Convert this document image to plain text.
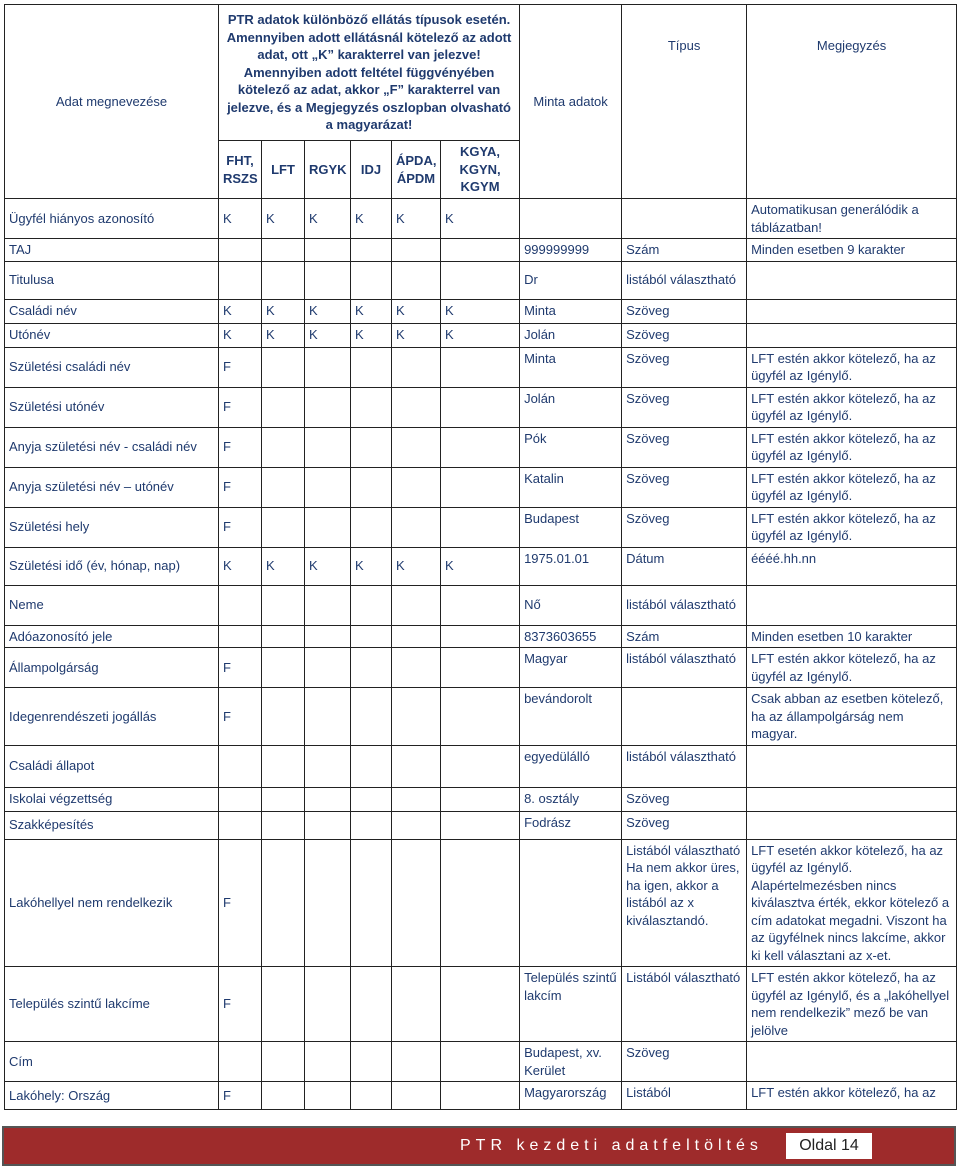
Adat megnevezése	PTR adatok különböző ellátás típusok esetén. Amennyiben adott ellátásnál kötelező az adott adat, ott „K” karakterrel van jelezve! Amennyiben adott feltétel függvényében kötelező az adat, akkor „F” karakterrel van jelezve, és a Megjegyzés oszlopban olvasható a magyarázat!						Minta adatok	Típus	Megjegyzés
	FHT, RSZS	LFT	RGYK	IDJ	ÁPDA, ÁPDM	KGYA, KGYN, KGYM			
Ügyfél hiányos azonosító	K	K	K	K	K	K			Automatikusan generálódik a táblázatban!
TAJ							999999999	Szám	Minden esetben 9 karakter
Titulusa							Dr	listából választható	
Családi név	K	K	K	K	K	K	Minta	Szöveg	
Utónév	K	K	K	K	K	K	Jolán	Szöveg	
Születési családi név	F						Minta	Szöveg	LFT estén akkor kötelező, ha az ügyfél az Igénylő.
Születési utónév	F						Jolán	Szöveg	LFT estén akkor kötelező, ha az ügyfél az Igénylő.
Anyja születési név - családi név	F						Pók	Szöveg	LFT estén akkor kötelező, ha az ügyfél az Igénylő.
Anyja születési név – utónév	F						Katalin	Szöveg	LFT estén akkor kötelező, ha az ügyfél az Igénylő.
Születési hely	F						Budapest	Szöveg	LFT estén akkor kötelező, ha az ügyfél az Igénylő.
Születési idő (év, hónap, nap)	K	K	K	K	K	K	1975.01.01	Dátum	éééé.hh.nn
Neme							Nő	listából választható	
Adóazonosító jele							8373603655	Szám	Minden esetben 10 karakter
Állampolgárság	F						Magyar	listából választható	LFT estén akkor kötelező, ha az ügyfél az Igénylő.
Idegenrendészeti jogállás	F						bevándorolt		Csak abban az esetben kötelező, ha az állampolgárság nem magyar.
Családi állapot							egyedülálló	listából választható	
Iskolai végzettség							8. osztály	Szöveg	
Szakképesítés							Fodrász	Szöveg	
Lakóhellyel nem rendelkezik	F							Listából választható Ha nem akkor üres, ha igen, akkor a listából az x kiválasztandó.	LFT esetén akkor kötelező, ha az ügyfél az Igénylő. Alapértelmezésben nincs kiválasztva érték, ekkor kötelező a cím adatokat megadni. Viszont ha az ügyfélnek nincs lakcíme, akkor ki kell választani az x-et.
Település szintű lakcíme	F						Település szintű lakcím	Listából választható	LFT estén akkor kötelező, ha az ügyfél az Igénylő, és a „lakóhellyel nem rendelkezik” mező be van jelölve
Cím							Budapest, xv. Kerület	Szöveg	
Lakóhely: Ország	F						Magyarország	Listából	LFT estén akkor kötelező, ha az
PTR kezdeti adatfeltöltés	Oldal 14
